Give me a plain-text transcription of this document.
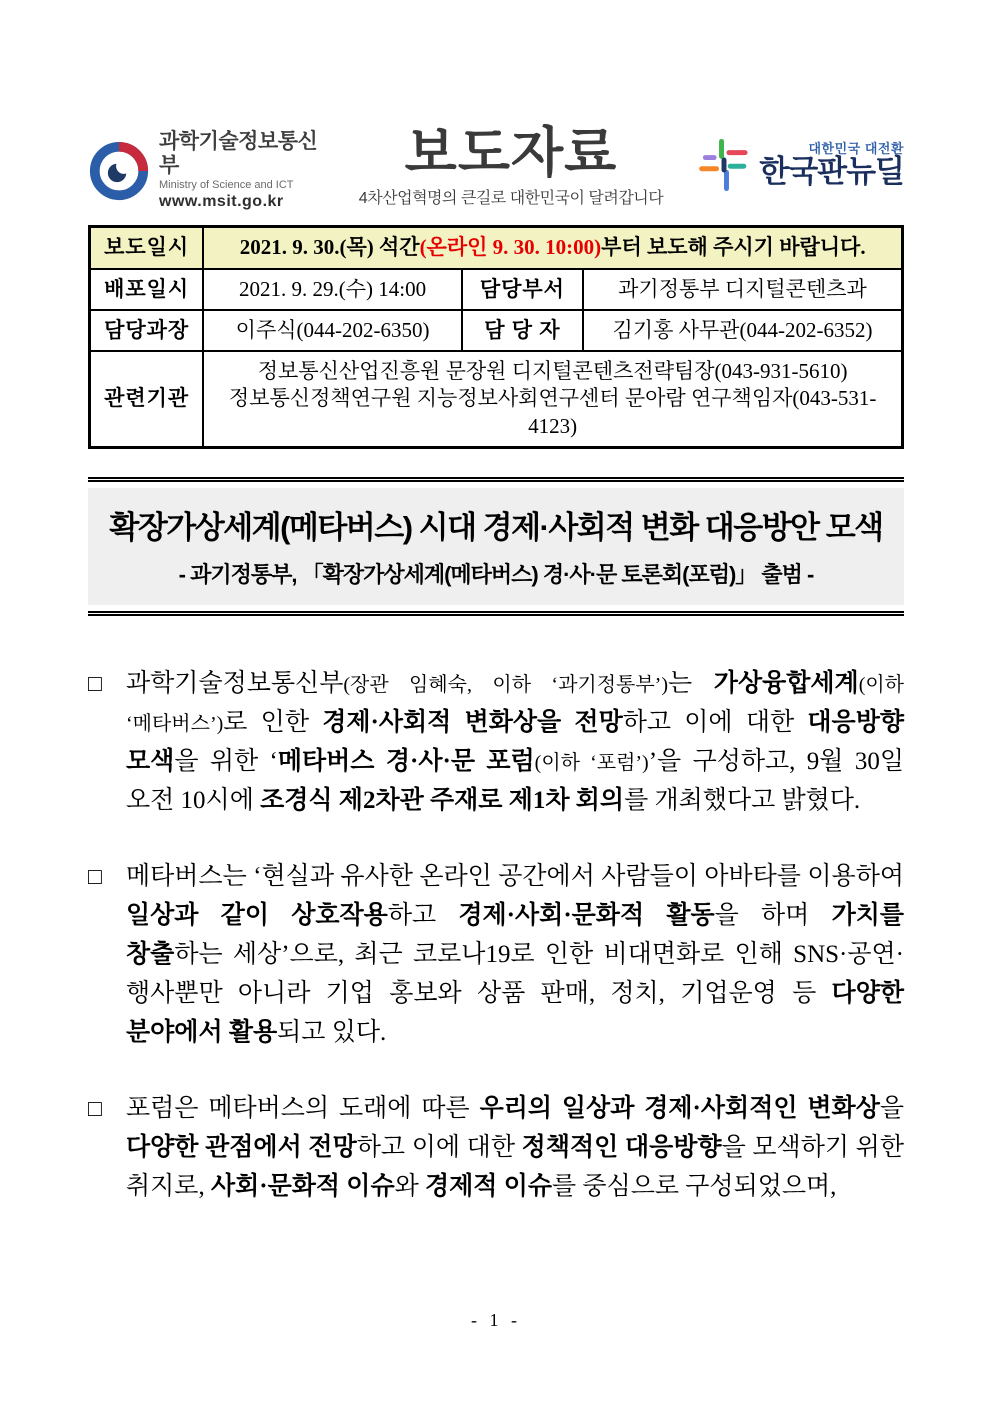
과학기술정보통신부
Ministry of Science and ICT
www.msit.go.kr
보도자료
4차산업혁명의 큰길로 대한민국이 달려갑니다
대한민국 대전환
한국판뉴딜
보도일시	2021. 9. 30.(목) 석간(온라인 9. 30. 10:00)부터 보도해 주시기 바랍니다.		
배포일시	2021. 9. 29.(수) 14:00	담당부서	과기정통부 디지털콘텐츠과
담당과장	이주식(044-202-6350)	담 당 자	김기홍 사무관(044-202-6352)
관련기관	정보통신산업진흥원 문장원 디지털콘텐츠전략팀장(043-931-5610)
정보통신정책연구원 지능정보사회연구센터 문아람 연구책임자(043-531-4123)		
확장가상세계(메타버스) 시대 경제·사회적 변화 대응방안 모색
- 과기정통부, 「확장가상세계(메타버스) 경·사·문 토론회(포럼)」 출범 -

□ 과학기술정보통신부(장관 임혜숙, 이하 ‘과기정통부’)는 가상융합세계(이하 ‘메타버스’)로 인한 경제·사회적 변화상을 전망하고 이에 대한 대응방향 모색을 위한 ‘메타버스 경·사·문 포럼(이하 ‘포럼’)’을 구성하고, 9월 30일 오전 10시에 조경식 제2차관 주재로 제1차 회의를 개최했다고 밝혔다.

□ 메타버스는 ‘현실과 유사한 온라인 공간에서 사람들이 아바타를 이용하여 일상과 같이 상호작용하고 경제·사회·문화적 활동을 하며 가치를 창출하는 세상’으로, 최근 코로나19로 인한 비대면화로 인해 SNS·공연·행사뿐만 아니라 기업 홍보와 상품 판매, 정치, 기업운영 등 다양한 분야에서 활용되고 있다.

□ 포럼은 메타버스의 도래에 따른 우리의 일상과 경제·사회적인 변화상을 다양한 관점에서 전망하고 이에 대한 정책적인 대응방향을 모색하기 위한 취지로, 사회·문화적 이슈와 경제적 이슈를 중심으로 구성되었으며,

- 1 -
